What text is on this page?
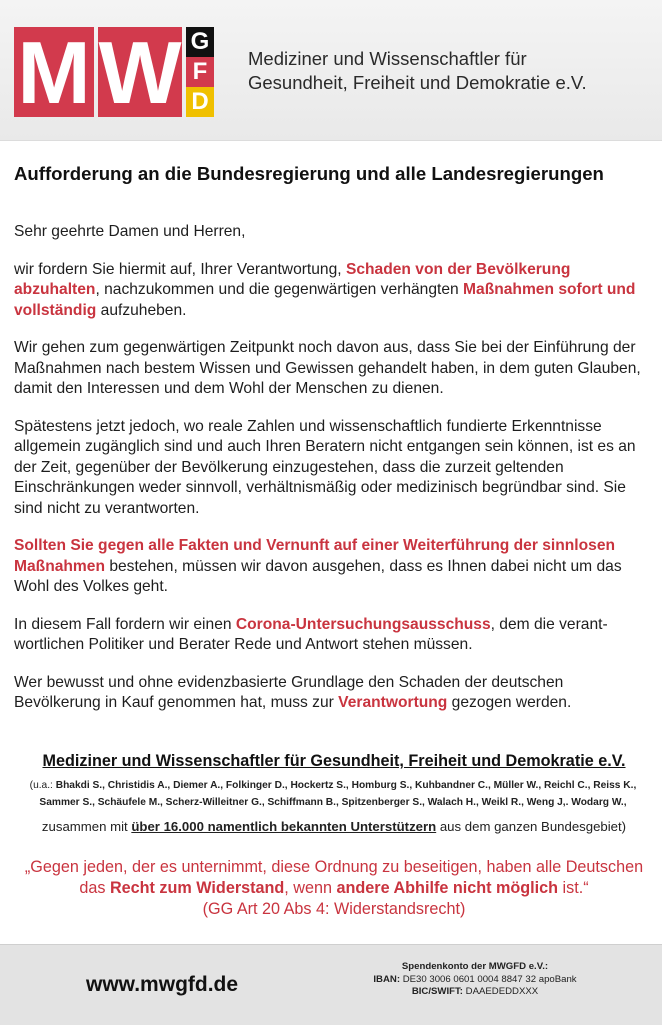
M W G
F
D
Mediziner und Wissenschaftler für
Gesundheit, Freiheit und Demokratie e.V.
Aufforderung an die Bundesregierung und alle Landesregierungen

Sehr geehrte Damen und Herren,

wir fordern Sie hiermit auf, Ihrer Verantwortung, Schaden von der Bevölkerung abzuhalten, nachzukommen und die gegenwärtigen verhängten Maßnahmen sofort und vollständig aufzuheben.

Wir gehen zum gegenwärtigen Zeitpunkt noch davon aus, dass Sie bei der Einführung der Maßnahmen nach bestem Wissen und Gewissen gehandelt haben, in dem guten Glauben, damit den Interessen und dem Wohl der Menschen zu dienen.

Spätestens jetzt jedoch, wo reale Zahlen und wissenschaftlich fundierte Erkenntnisse allgemein zugänglich sind und auch Ihren Beratern nicht entgangen sein können, ist es an der Zeit, gegenüber der Bevölkerung einzugestehen, dass die zurzeit geltenden Einschränkungen weder sinnvoll, verhältnismäßig oder medizinisch begründbar sind. Sie sind nicht zu verantworten.

Sollten Sie gegen alle Fakten und Vernunft auf einer Weiterführung der sinnlosen Maßnahmen bestehen, müssen wir davon ausgehen, dass es Ihnen dabei nicht um das Wohl des Volkes geht.

In diesem Fall fordern wir einen Corona-Untersuchungsausschuss, dem die verant-wortlichen Politiker und Berater Rede und Antwort stehen müssen.

Wer bewusst und ohne evidenzbasierte Grundlage den Schaden der deutschen Bevölkerung in Kauf genommen hat, muss zur Verantwortung gezogen werden.

Mediziner und Wissenschaftler für Gesundheit, Freiheit und Demokratie e.V.
(u.a.: Bhakdi S., Christidis A., Diemer A., Folkinger D., Hockertz S., Homburg S., Kuhbandner C., Müller W., Reichl C., Reiss K., Sammer S., Schäufele M., Scherz-Willeitner G., Schiffmann B., Spitzenberger S., Walach H., Weikl R., Weng J,. Wodarg W.,
zusammen mit über 16.000 namentlich bekannten Unterstützern aus dem ganzen Bundesgebiet)
„Gegen jeden, der es unternimmt, diese Ordnung zu beseitigen, haben alle Deutschen das Recht zum Widerstand, wenn andere Abhilfe nicht möglich ist.“
(GG Art 20 Abs 4: Widerstandsrecht)
www.mwgfd.de
Spendenkonto der MWGFD e.V.:
IBAN: DE30 3006 0601 0004 8847 32 apoBank
BIC/SWIFT: DAAEDEDDXXX
